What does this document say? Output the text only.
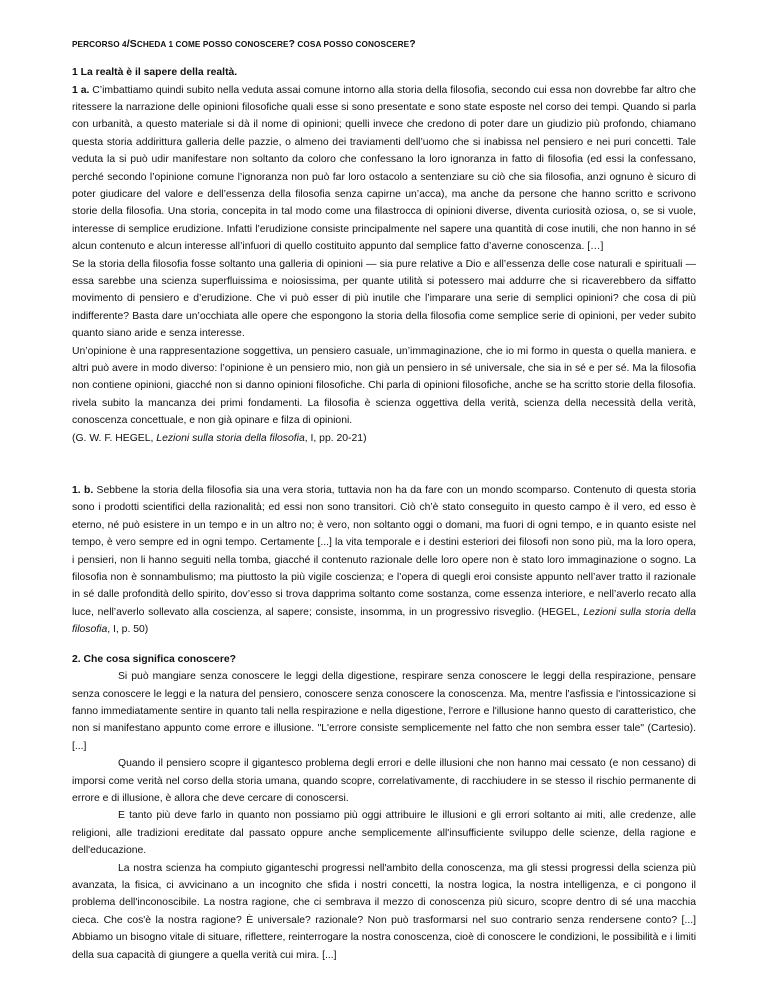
PERCORSO 4/SCHEDA 1 COME POSSO CONOSCERE? COSA POSSO CONOSCERE?
1 La realtà è il sapere della realtà.

1 a. C’imbattiamo quindi subito nella veduta assai comune intorno alla storia della filosofia, secondo cui essa non dovrebbe far altro che ritessere la narrazione delle opinioni filosofiche quali esse si sono presentate e sono state esposte nel corso dei tempi. Quando si parla con urbanità, a questo materiale si dà il nome di opinioni; quelli invece che credono di poter dare un giudizio più profondo, chiamano questa storia addirittura galleria delle pazzie, o almeno dei traviamenti dell’uomo che si inabissa nel pensiero e nei puri concetti. Tale veduta la si può udir manifestare non soltanto da coloro che confessano la loro ignoranza in fatto di filosofia (ed essi la confessano, perché secondo l’opinione comune l’ignoranza non può far loro ostacolo a sentenziare su ciò che sia filosofia, anzi ognuno è sicuro di poter giudicare del valore e dell’essenza della filosofia senza capirne un’acca), ma anche da persone che hanno scritto e scrivono storie della filosofia. Una storia, concepita in tal modo come una filastrocca di opinioni diverse, diventa curiosità oziosa, o, se si vuole, interesse di semplice erudizione. Infatti l’erudizione consiste principalmente nel sapere una quantità di cose inutili, che non hanno in sé alcun contenuto e alcun interesse all’infuori di quello costituito appunto dal semplice fatto d’averne conoscenza. […]

Se la storia della filosofia fosse soltanto una galleria di opinioni — sia pure relative a Dio e all’essenza delle cose naturali e spirituali — essa sarebbe una scienza superfluissima e noiosissima, per quante utilità si potessero mai addurre che si ricaverebbero da siffatto movimento di pensiero e d’erudizione. Che vi può esser di più inutile che l’imparare una serie di semplici opinioni? che cosa di più indifferente? Basta dare un’occhiata alle opere che espongono la storia della filosofia come semplice serie di opinioni, per veder subito quanto siano aride e senza interesse.

Un’opinione è una rappresentazione soggettiva, un pensiero casuale, un’immaginazione, che io mi formo in questa o quella maniera. e altri può avere in modo diverso: l’opinione è un pensiero mio, non già un pensiero in sé universale, che sia in sé e per sé. Ma la filosofia non contiene opinioni, giacché non si danno opinioni filosofiche. Chi parla di opinioni filosofiche, anche se ha scritto storie della filosofia. rivela subito la mancanza dei primi fondamenti. La filosofia è scienza oggettiva della verità, scienza della necessità della verità, conoscenza concettuale, e non già opinare e filza di opinioni.

(G. W. F. HEGEL, Lezioni sulla storia della filosofia, I, pp. 20-21)

1. b. Sebbene la storia della filosofia sia una vera storia, tuttavia non ha da fare con un mondo scomparso. Contenuto di questa storia sono i prodotti scientifici della razionalità; ed essi non sono transitori. Ciò ch’è stato conseguito in questo campo è il vero, ed esso è eterno, né può esistere in un tempo e in un altro no; è vero, non soltanto oggi o domani, ma fuori di ogni tempo, e in quanto esiste nel tempo, è vero sempre ed in ogni tempo. Certamente [...] la vita temporale e i destini esteriori dei filosofi non sono più, ma la loro opera, i pensieri, non li hanno seguiti nella tomba, giacché il contenuto razionale delle loro opere non è stato loro immaginazione o sogno. La filosofia non è sonnambulismo; ma piuttosto la più vigile coscienza; e l’opera di quegli eroi consiste appunto nell’aver tratto il razionale in sé dalle profondità dello spirito, dov’esso si trova dapprima soltanto come sostanza, come essenza interiore, e nell’averlo recato alla luce, nell’averlo sollevato alla coscienza, al sapere; consiste, insomma, in un progressivo risveglio. (HEGEL, Lezioni sulla storia della filosofia, I, p. 50)

2. Che cosa significa conoscere?

Si può mangiare senza conoscere le leggi della digestione, respirare senza conoscere le leggi della respirazione, pensare senza conoscere le leggi e la natura del pensiero, conoscere senza conoscere la conoscenza. Ma, mentre l'asfissia e l'intossicazione si fanno immediatamente sentire in quanto tali nella respirazione e nella digestione, l'errore e l'illusione hanno questo di caratteristico, che non si manifestano appunto come errore e illusione. "L'errore consiste semplicemente nel fatto che non sembra esser tale" (Cartesio). [...]

Quando il pensiero scopre il gigantesco problema degli errori e delle illusioni che non hanno mai cessato (e non cessano) di imporsi come verità nel corso della storia umana, quando scopre, correlativamente, di racchiudere in se stesso il rischio permanente di errore e di illusione, è allora che deve cercare di conoscersi.

E tanto più deve farlo in quanto non possiamo più oggi attribuire le illusioni e gli errori soltanto ai miti, alle credenze, alle religioni, alle tradizioni ereditate dal passato oppure anche semplicemente all'insufficiente sviluppo delle scienze, della ragione e dell'educazione.

La nostra scienza ha compiuto giganteschi progressi nell'ambito della conoscenza, ma gli stessi progressi della scienza più avanzata, la fisica, ci avvicinano a un incognito che sfida i nostri concetti, la nostra logica, la nostra intelligenza, e ci pongono il problema dell'inconoscibile. La nostra ragione, che ci sembrava il mezzo di conoscenza più sicuro, scopre dentro di sé una macchia cieca. Che cos'è la nostra ragione? È universale? razionale? Non può trasformarsi nel suo contrario senza rendersene conto? [...] Abbiamo un bisogno vitale di situare, riflettere, reinterrogare la nostra conoscenza, cioè di conoscere le condizioni, le possibilità e i limiti della sua capacità di giungere a quella verità cui mira. [...]
